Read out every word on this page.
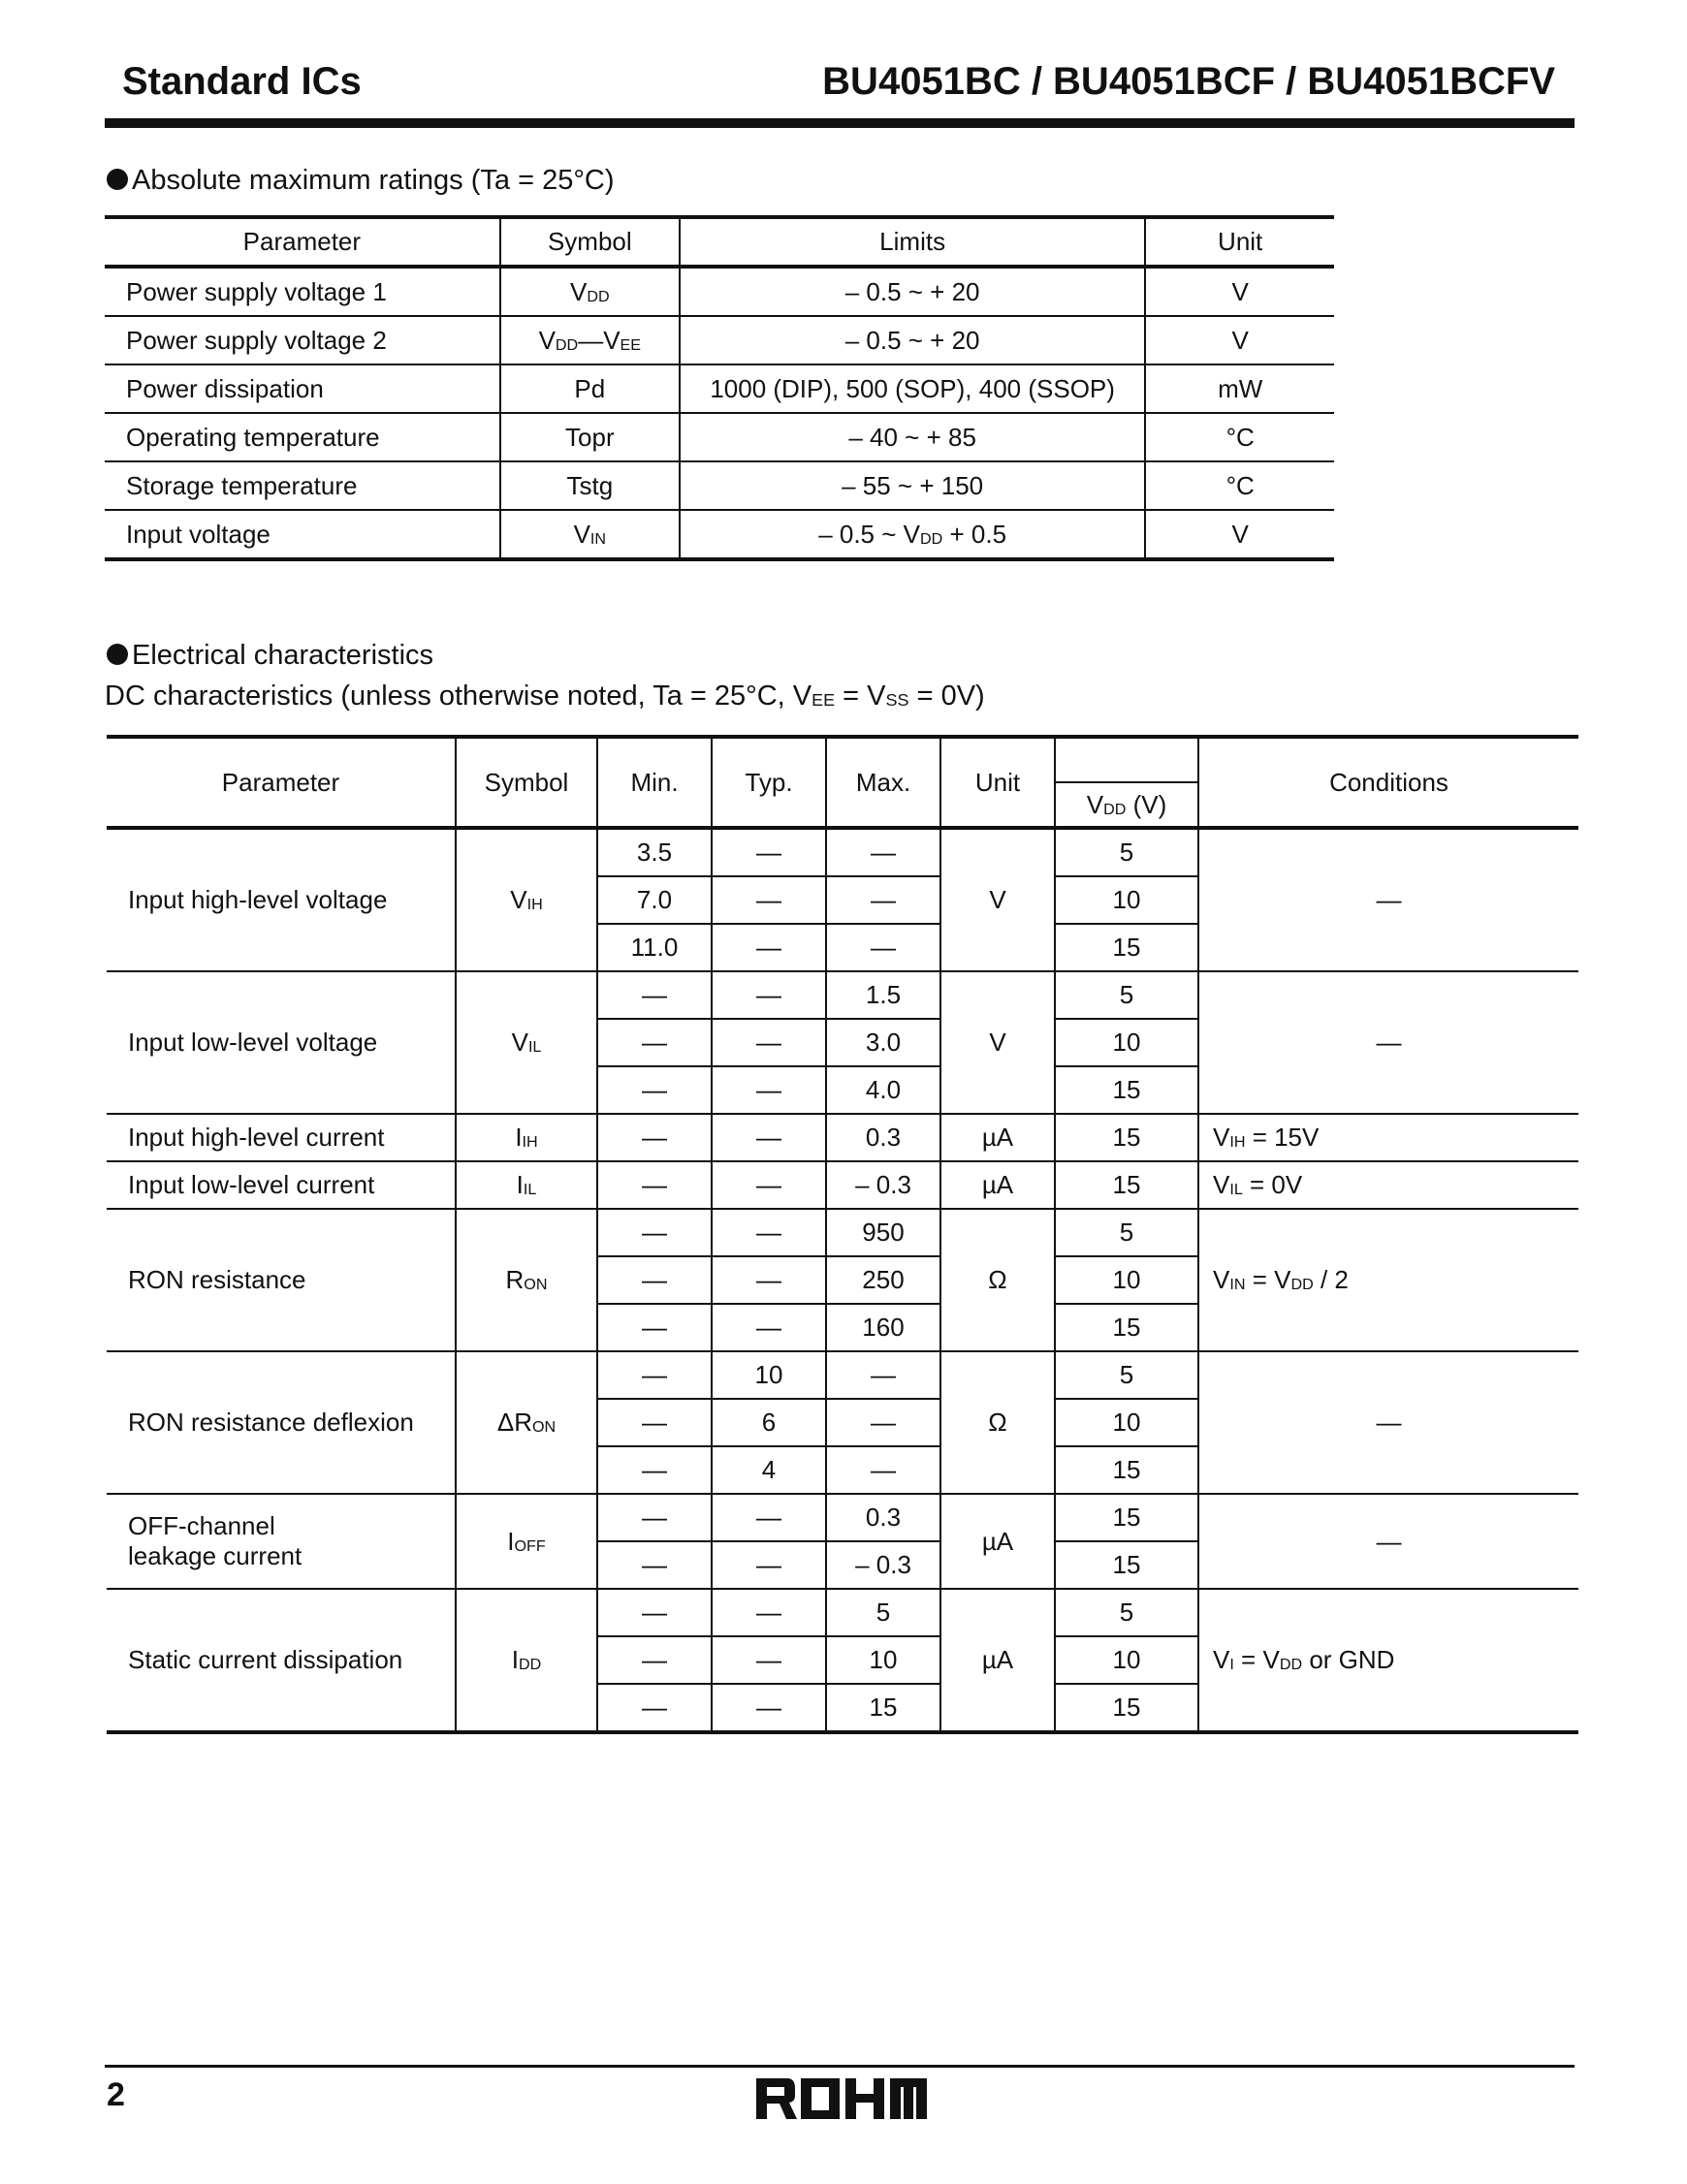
Standard ICs	BU4051BC / BU4051BCF / BU4051BCFV
Absolute maximum ratings (Ta = 25°C)
Parameter	Symbol	Limits	Unit
Power supply voltage 1	$V_{DD}$	– 0.5 ~ + 20	V
Power supply voltage 2	$V_{DD}—V_{EE}$	– 0.5 ~ + 20	V
Power dissipation	Pd	1000 (DIP), 500 (SOP), 400 (SSOP)	mW
Operating temperature	Topr	– 40 ~ + 85	°C
Storage temperature	Tstg	– 55 ~ + 150	°C
Input voltage	$V_{IN}$	– 0.5 ~ $V_{DD} + 0.5$	V
Electrical characteristics
DC characteristics (unless otherwise noted, Ta = 25°C, $V_{EE} = V_{SS} = 0V$)
Parameter	Symbol	Min.	Typ.	Max.	Unit		Conditions
						$V_{DD}$ (V)	
Input high-level voltage	$V_{IH}$	3.5	—	—	V	5	—
		7.0	—	—		10	
		11.0	—	—		15	
Input low-level voltage	$V_{IL}$	—	—	1.5	V	5	—
		—	—	3.0		10	
		—	—	4.0		15	
Input high-level current	$I_{IH}$	—	—	0.3	µA	15	$V_{IH} = 15V$
Input low-level current	$I_{IL}$	—	—	– 0.3	µA	15	$V_{IL} = 0V$
RON resistance	$R_{ON}$	—	—	950	Ω	5	$V_{IN} = V_{DD} / 2$
		—	—	250		10	
		—	—	160		15	
RON resistance deflexion	$\Delta R_{ON}$	—	10	—	Ω	5	—
		—	6	—		10	
		—	4	—		15	
OFF-channel
leakage current	$I_{OFF}$	—	—	0.3	µA	15	—
		—	—	– 0.3		15	
Static current dissipation	$I_{DD}$	—	—	5	µA	5	$V_I = V_{DD}$ or GND
		—	—	10		10	
		—	—	15		15	
2
